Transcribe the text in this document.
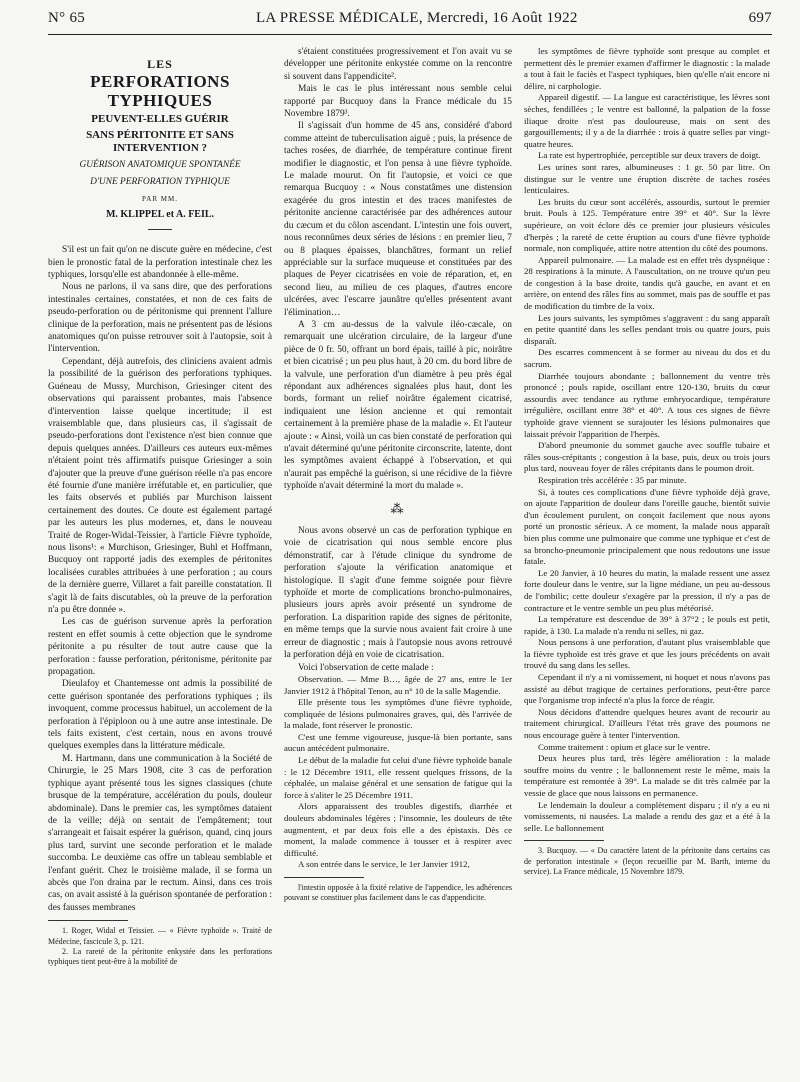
N° 65	LA PRESSE MÉDICALE, Mercredi, 16 Août 1922	697
LES
PERFORATIONS TYPHIQUES
PEUVENT-ELLES GUÉRIR
SANS PÉRITONITE ET SANS INTERVENTION ?
GUÉRISON ANATOMIQUE SPONTANÉE
D'UNE PERFORATION TYPHIQUE
PAR MM.
M. KLIPPEL et A. FEIL.

S'il est un fait qu'on ne discute guère en médecine, c'est bien le pronostic fatal de la perforation intestinale chez les typhiques, lorsqu'elle est abandonnée à elle-même.

Nous ne parlons, il va sans dire, que des perforations intestinales certaines, constatées, et non de ces faits de pseudo-perforation ou de péritonisme qui prennent l'allure clinique de la perforation, mais ne présentent pas de lésions anatomiques qu'on puisse retrouver soit à l'autopsie, soit à l'intervention.

Cependant, déjà autrefois, des cliniciens avaient admis la possibilité de la guérison des perforations typhiques. Guéneau de Mussy, Murchison, Griesinger citent des observations qui paraissent probantes, mais l'absence d'intervention laisse quelque incertitude; il est vraisemblable que, dans plusieurs cas, il s'agissait de pseudo-perforations dont l'existence n'est bien connue que depuis quelques années. D'ailleurs ces auteurs eux-mêmes n'étaient point très affirmatifs puisque Griesinger a soin d'ajouter que la preuve d'une guérison réelle n'a pas encore été fournie d'une manière irréfutable et, en particulier, que les faits observés et publiés par Murchison laissent certainement des doutes. Ce doute est également partagé par les auteurs les plus modernes, et, dans le nouveau Traité de Roger-Widal-Teissier, à l'article Fièvre typhoïde, nous lisons¹: « Murchison, Griesinger, Buhl et Hoffmann, Bucquoy ont rapporté jadis des exemples de péritonites localisées curables attribuées à une perforation ; au cours de la dernière guerre, Villaret a fait pareille constatation. Il s'agit là de faits discutables, où la preuve de la perforation n'a pu être donnée ».

Les cas de guérison survenue après la perforation restent en effet soumis à cette objection que le syndrome péritonite a pu résulter de tout autre cause que la perforation : fausse perforation, péritonisme, péritonite par propagation.

Dieulafoy et Chantemesse ont admis la possibilité de cette guérison spontanée des perforations typhiques ; ils invoquent, comme processus habituel, un accolement de la perforation à l'épiploon ou à une autre anse intestinale. De tels faits existent, c'est certain, nous en avons trouvé quelques exemples dans la littérature médicale.

M. Hartmann, dans une communication à la Société de Chirurgie, le 25 Mars 1908, cite 3 cas de perforation typhique ayant présenté tous les signes classiques (chute brusque de la température, accélération du pouls, douleur abdominale). Dans le premier cas, les symptômes dataient de la veille; déjà on sentait de l'empâtement; tout s'arrangeait et faisait espérer la guérison, quand, cinq jours plus tard, survint une seconde perforation et le malade succomba. Le deuxième cas offre un tableau semblable et l'enfant guérit. Chez le troisième malade, il se forma un abcès que l'on draina par le rectum. Ainsi, dans ces trois cas, on avait assisté à la guérison spontanée de perforation : des fausses membranes

1. Roger, Widal et Teissier. — « Fièvre typhoïde ». Traité de Médecine, fascicule 3, p. 121.

2. La rareté de la péritonite enkystée dans les perforations typhiques tient peut-être à la mobilité de

s'étaient constituées progressivement et l'on avait vu se développer une péritonite enkystée comme on la rencontre si souvent dans l'appendicite².

Mais le cas le plus intéressant nous semble celui rapporté par Bucquoy dans la France médicale du 15 Novembre 1879³.

Il s'agissait d'un homme de 45 ans, considéré d'abord comme atteint de tuberculisation aiguë ; puis, la présence de taches rosées, de diarrhée, de température continue firent modifier le diagnostic, et l'on pensa à une fièvre typhoïde. Le malade mourut. On fit l'autopsie, et voici ce que remarqua Bucquoy : « Nous constatâmes une distension exagérée du gros intestin et des traces manifestes de péritonite ancienne caractérisée par des adhérences autour du cæcum et du côlon ascendant. L'intestin une fois ouvert, nous reconnûmes deux séries de lésions : en premier lieu, 7 ou 8 plaques épaisses, blanchâtres, formant un relief appréciable sur la surface muqueuse et constituées par des plaques de Peyer cicatrisées en voie de réparation, et, en second lieu, au milieu de ces plaques, d'autres encore ulcérées, avec l'escarre jaunâtre qu'elles présentent avant l'élimination…

A 3 cm au-dessus de la valvule iléo-cæcale, on remarquait une ulcération circulaire, de la largeur d'une pièce de 0 fr. 50, offrant un bord épais, taillé à pic, noirâtre et bien cicatrisé ; un peu plus haut, à 20 cm. du bord libre de la valvule, une perforation d'un diamètre à peu près égal répondant aux adhérences signalées plus haut, dont les bords, formant un relief noirâtre également cicatrisé, indiquaient une lésion ancienne et qui remontait certainement à la première phase de la maladie ». Et l'auteur ajoute : « Ainsi, voilà un cas bien constaté de perforation qui n'avait déterminé qu'une péritonite circonscrite, latente, dont les symptômes avaient échappé à l'observation, et qui n'aurait pas empêché la guérison, si une récidive de la fièvre typhoïde n'avait déterminé la mort du malade ».

⁂

Nous avons observé un cas de perforation typhique en voie de cicatrisation qui nous semble encore plus démonstratif, car à l'étude clinique du syndrome de perforation s'ajoute la vérification anatomique et histologique. Il s'agit d'une femme soignée pour fièvre typhoïde et morte de complications broncho-pulmonaires, plusieurs jours après avoir présenté un syndrome de perforation. La disparition rapide des signes de péritonite, en même temps que la survie nous avaient fait croire à une erreur de diagnostic ; mais à l'autopsie nous avons retrouvé la perforation déjà en voie de cicatrisation.

Voici l'observation de cette malade :

Observation. — Mme B…, âgée de 27 ans, entre le 1er Janvier 1912 à l'hôpital Tenon, au n° 10 de la salle Magendie.

Elle présente tous les symptômes d'une fièvre typhoïde, compliquée de lésions pulmonaires graves, qui, dès l'arrivée de la malade, font réserver le pronostic.

C'est une femme vigoureuse, jusque-là bien portante, sans aucun antécédent pulmonaire.

Le début de la maladie fut celui d'une fièvre typhoïde banale : le 12 Décembre 1911, elle ressent quelques frissons, de la céphalée, un malaise général et une sensation de fatigue qui la force à s'aliter le 25 Décembre 1911.

Alors apparaissent des troubles digestifs, diarrhée et douleurs abdominales légères ; l'insomnie, les douleurs de tête augmentent, et par deux fois elle a des épistaxis. Dès ce moment, la malade commence à tousser et à respirer avec difficulté.

A son entrée dans le service, le 1er Janvier 1912,

l'intestin opposée à la fixité relative de l'appendice, les adhérences pouvant se constituer plus facilement dans le cas d'appendicite.

les symptômes de fièvre typhoïde sont presque au complet et permettent dès le premier examen d'affirmer le diagnostic : la malade a tout à fait le faciès et l'aspect typhiques, bien qu'elle n'ait encore ni délire, ni carphologie.

Appareil digestif. — La langue est caractéristique, les lèvres sont sèches, fendillées ; le ventre est ballonné, la palpation de la fosse iliaque droite n'est pas douloureuse, mais on sent des gargouillements; il y a de la diarrhée : trois à quatre selles par vingt-quatre heures.

La rate est hypertrophiée, perceptible sur deux travers de doigt.

Les urines sont rares, albumineuses : 1 gr. 50 par litre. On distingue sur le ventre une éruption discrète de taches rosées lenticulaires.

Les bruits du cœur sont accélérés, assourdis, surtout le premier bruit. Pouls à 125. Température entre 39° et 40°. Sur la lèvre supérieure, on voit éclore dès ce premier jour plusieurs vésicules d'herpès ; la rareté de cette éruption au cours d'une fièvre typhoïde normale, non compliquée, attire notre attention du côté des poumons.

Appareil pulmonaire. — La malade est en effet très dyspnéique : 28 respirations à la minute. A l'auscultation, on ne trouve qu'un peu de congestion à la base droite, tandis qu'à gauche, en avant et en arrière, on entend des râles fins au sommet, mais pas de souffle et pas de modification du timbre de la voix.

Les jours suivants, les symptômes s'aggravent : du sang apparaît en petite quantité dans les selles pendant trois ou quatre jours, puis disparaît.

Des escarres commencent à se former au niveau du dos et du sacrum.

Diarrhée toujours abondante ; ballonnement du ventre très prononcé ; pouls rapide, oscillant entre 120-130, bruits du cœur assourdis avec tendance au rythme embryocardique, température irrégulière, oscillant entre 38° et 40°. A tous ces signes de fièvre typhoïde grave viennent se surajouter les lésions pulmonaires que laissait prévoir l'apparition de l'herpès.

D'abord pneumonie du sommet gauche avec souffle tubaire et râles sous-crépitants ; congestion à la base, puis, deux ou trois jours plus tard, nouveau foyer de râles crépitants dans le poumon droit.

Respiration très accélérée : 35 par minute.

Si, à toutes ces complications d'une fièvre typhoïde déjà grave, on ajoute l'apparition de douleur dans l'oreille gauche, bientôt suivie d'un écoulement purulent, on conçoit facilement que nous ayons porté un pronostic sérieux. A ce moment, la malade nous apparaît bien plus comme une pulmonaire que comme une typhique et c'est de sa broncho-pneumonie principalement que nous redoutons une issue fatale.

Le 20 Janvier, à 10 heures du matin, la malade ressent une assez forte douleur dans le ventre, sur la ligne médiane, un peu au-dessous de l'ombilic; cette douleur s'exagère par la pression, il n'y a pas de contracture et le ventre semble un peu plus météorisé.

La température est descendue de 39° à 37°2 ; le pouls est petit, rapide, à 130. La malade n'a rendu ni selles, ni gaz.

Nous pensons à une perforation, d'autant plus vraisemblable que la fièvre typhoïde est très grave et que les jours précédents on avait trouvé du sang dans les selles.

Cependant il n'y a ni vomissement, ni hoquet et nous n'avons pas assisté au début tragique de certaines perforations, peut-être parce que l'organisme trop infecté n'a plus la force de réagir.

Nous décidons d'attendre quelques heures avant de recourir au traitement chirurgical. D'ailleurs l'état très grave des poumons ne nous encourage guère à tenter l'intervention.

Comme traitement : opium et glace sur le ventre.

Deux heures plus tard, très légère amélioration : la malade souffre moins du ventre ; le ballonnement reste le même, mais la température est remontée à 39°. La malade se dit très calmée par la vessie de glace que nous laissons en permanence.

Le lendemain la douleur a complètement disparu ; il n'y a eu ni vomissements, ni nausées. La malade a rendu des gaz et a été à la selle. Le ballonnement

3. Bucquoy. — « Du caractère latent de la péritonite dans certains cas de perforation intestinale » (leçon recueillie par M. Barth, interne du service). La France médicale, 15 Novembre 1879.
